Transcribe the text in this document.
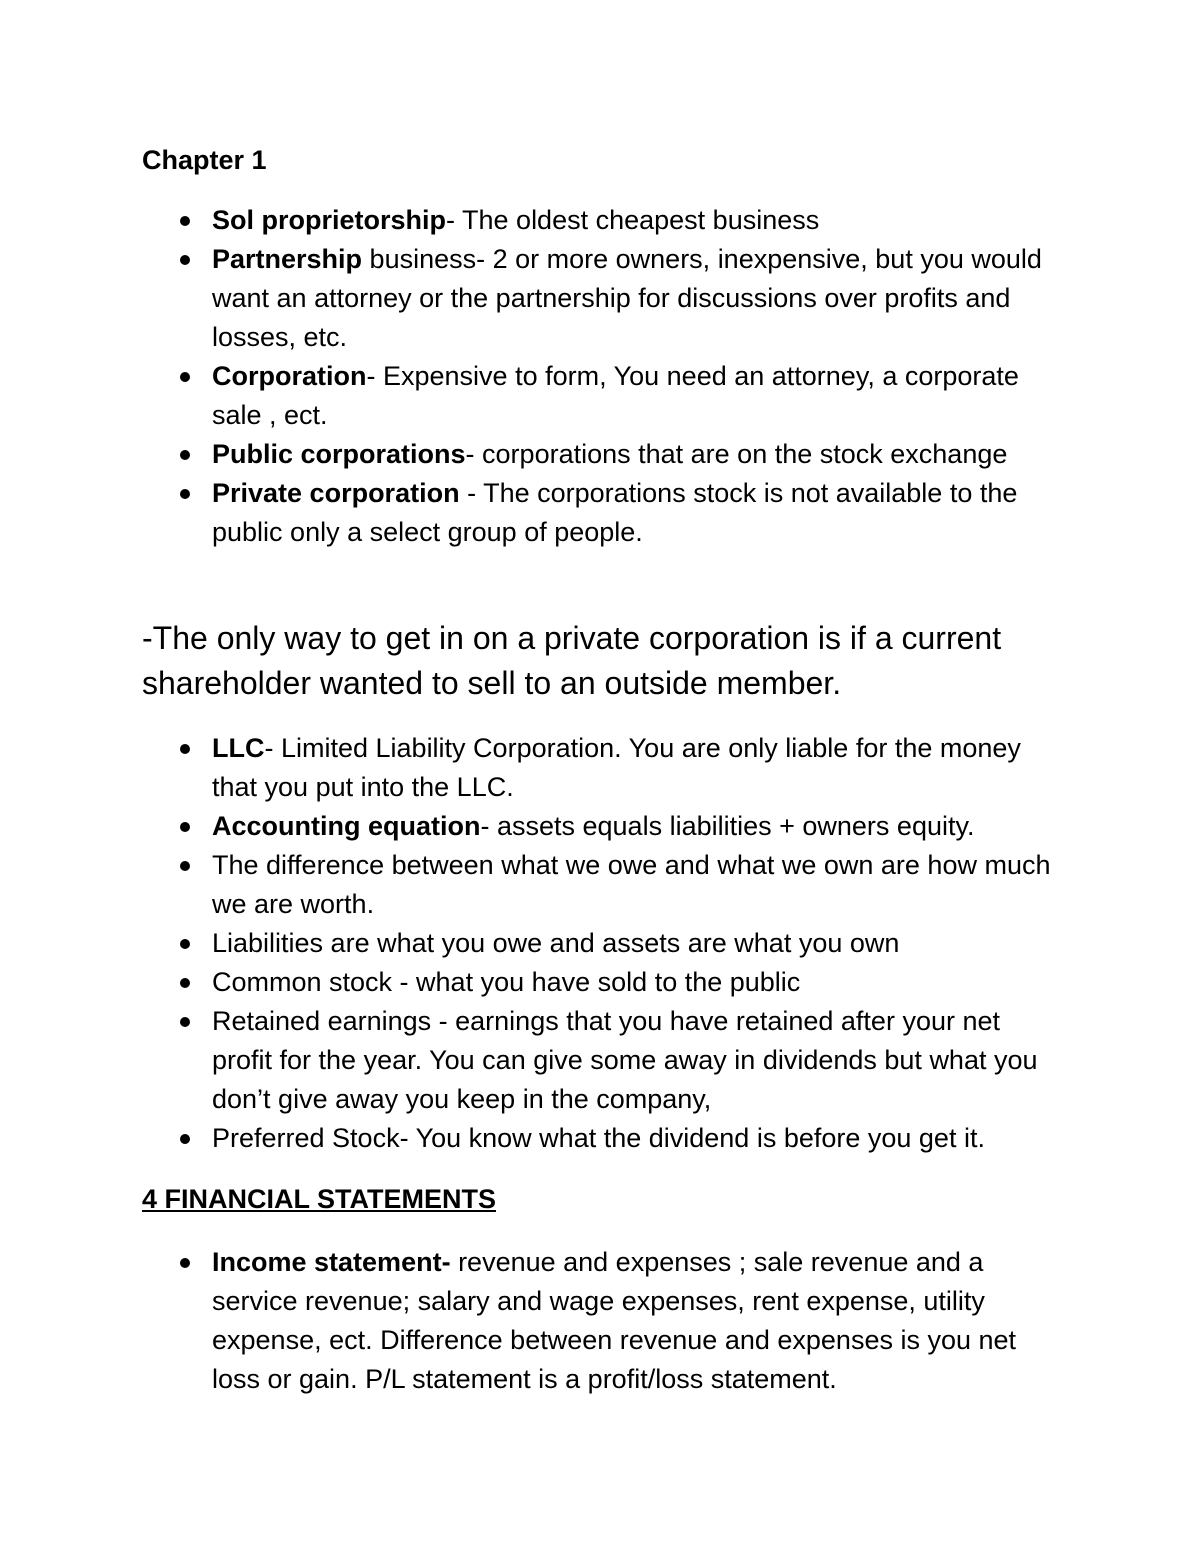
Chapter 1
Sol proprietorship- The oldest cheapest business
Partnership business- 2 or more owners, inexpensive, but you would want an attorney or the partnership for discussions over profits and losses, etc.
Corporation- Expensive to form, You need an attorney, a corporate sale , ect.
Public corporations- corporations that are on the stock exchange
Private corporation - The corporations stock is not available to the public only a select group of people.

-The only way to get in on a private corporation is if a current shareholder wanted to sell to an outside member.

LLC- Limited Liability Corporation. You are only liable for the money that you put into the LLC.
Accounting equation- assets equals liabilities + owners equity.
The difference between what we owe and what we own are how much we are worth.
Liabilities are what you owe and assets are what you own
Common stock - what you have sold to the public
Retained earnings - earnings that you have retained after your net profit for the year. You can give some away in dividends but what you don’t give away you keep in the company,
Preferred Stock- You know what the dividend is before you get it.
4 FINANCIAL STATEMENTS
Income statement- revenue and expenses ; sale revenue and a service revenue; salary and wage expenses, rent expense, utility expense, ect. Difference between revenue and expenses is you net loss or gain. P/L statement is a profit/loss statement.
